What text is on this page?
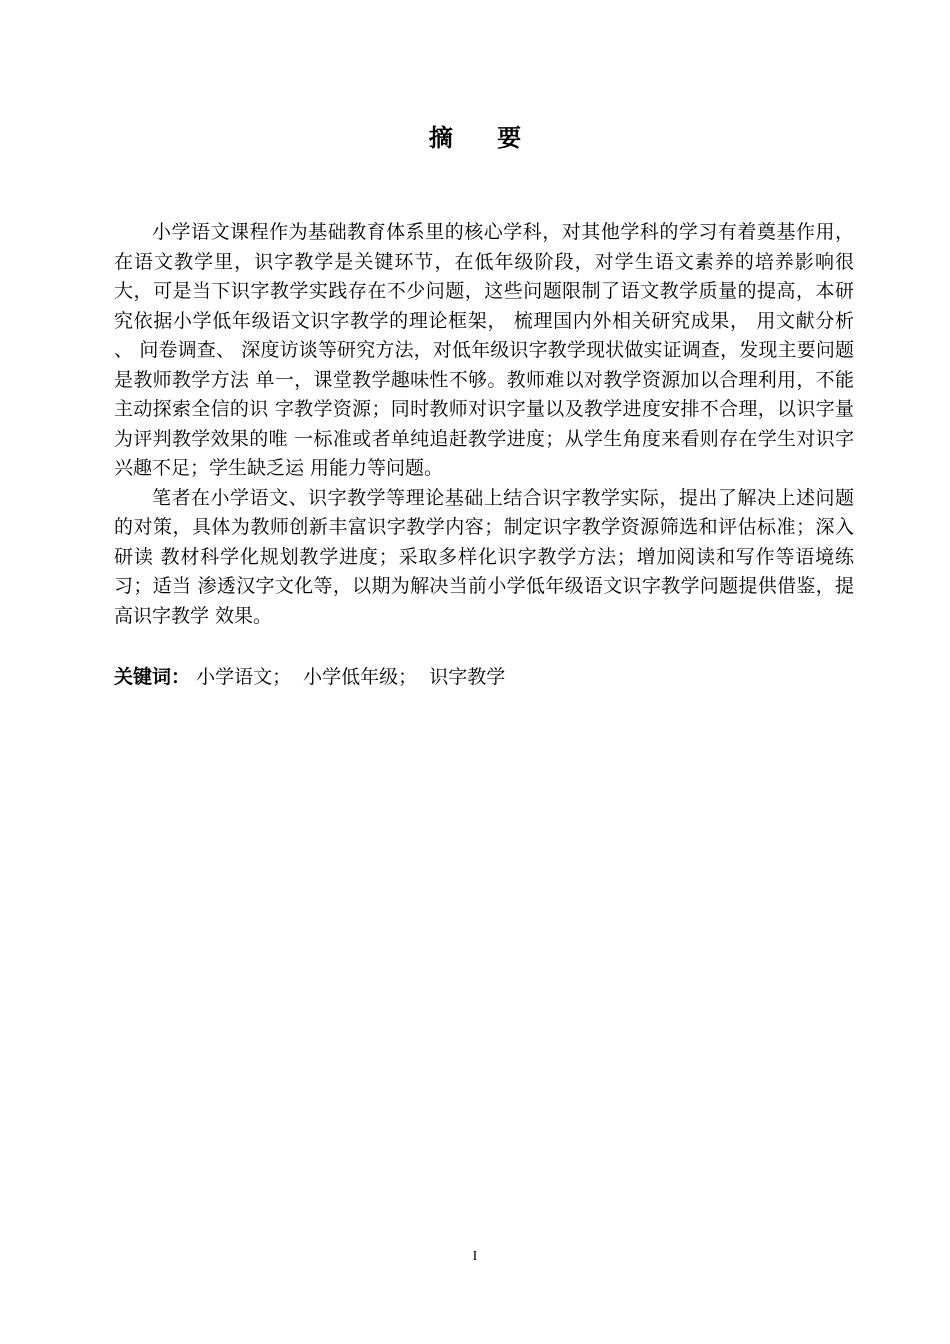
摘 要

小学语文课程作为基础教育体系里的核心学科，对其他学科的学习有着奠基作用，在语文教学里，识字教学是关键环节，在低年级阶段，对学生语文素养的培养影响很大，可是当下识字教学实践存在不少问题，这些问题限制了语文教学质量的提高，本研究依据小学低年级语文识字教学的理论框架， 梳理国内外相关研究成果， 用文献分析 、 问卷调查、 深度访谈等研究方法，对低年级识字教学现状做实证调查，发现主要问题是教师教学方法 单一，课堂教学趣味性不够。教师难以对教学资源加以合理利用，不能主动探索全信的识 字教学资源；同时教师对识字量以及教学进度安排不合理，以识字量为评判教学效果的唯 一标准或者单纯追赶教学进度；从学生角度来看则存在学生对识字兴趣不足；学生缺乏运 用能力等问题。

笔者在小学语文、识字教学等理论基础上结合识字教学实际，提出了解决上述问题的对策，具体为教师创新丰富识字教学内容；制定识字教学资源筛选和评估标准；深入研读 教材科学化规划教学进度；采取多样化识字教学方法；增加阅读和写作等语境练习；适当 渗透汉字文化等，以期为解决当前小学低年级语文识字教学问题提供借鉴，提高识字教学 效果。

关键词： 小学语文； 小学低年级； 识字教学
I
